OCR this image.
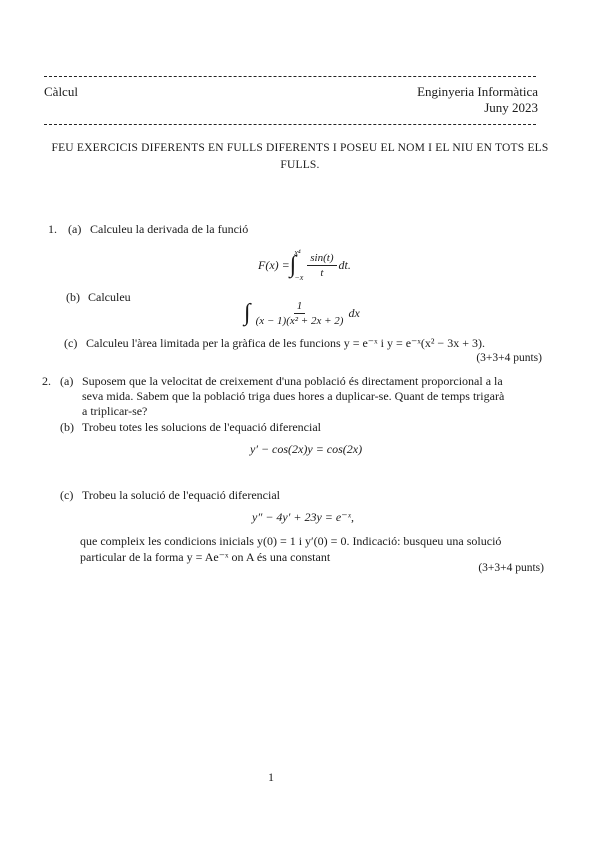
Càlcul	Enginyeria Informàtica
Juny 2023
FEU EXERCICIS DIFERENTS EN FULLS DIFERENTS I POSEU EL NOM I EL NIU EN TOTS ELS FULLS.
1. (a) Calculeu la derivada de la funció
F(x) = ∫
x⁴
$-x \frac{\sin(t)}{t}$ dt.
(b) Calculeu
∫ $\frac{1}{\text{(x − 1)(x² + 2x + 2)}}$ dx
(c) Calculeu l'àrea limitada per la gràfica de les funcions y = e⁻ˣ i y = e⁻ˣ(x² − 3x + 3).
(3+3+4 punts)
2. (a) Suposem que la velocitat de creixement d'una població és directament proporcional a la
seva mida. Sabem que la població triga dues hores a duplicar-se. Quant de temps trigarà
a triplicar-se?
(b) Trobeu totes les solucions de l'equació diferencial
y′ − cos(2x)y = cos(2x)
(c) Trobeu la solució de l'equació diferencial
y″ − 4y′ + 23y = e⁻ˣ,
que compleix les condicions inicials y(0) = 1 i y′(0) = 0. Indicació: busqueu una solució
particular de la forma y = Ae⁻ˣ on A és una constant
(3+3+4 punts)
1
